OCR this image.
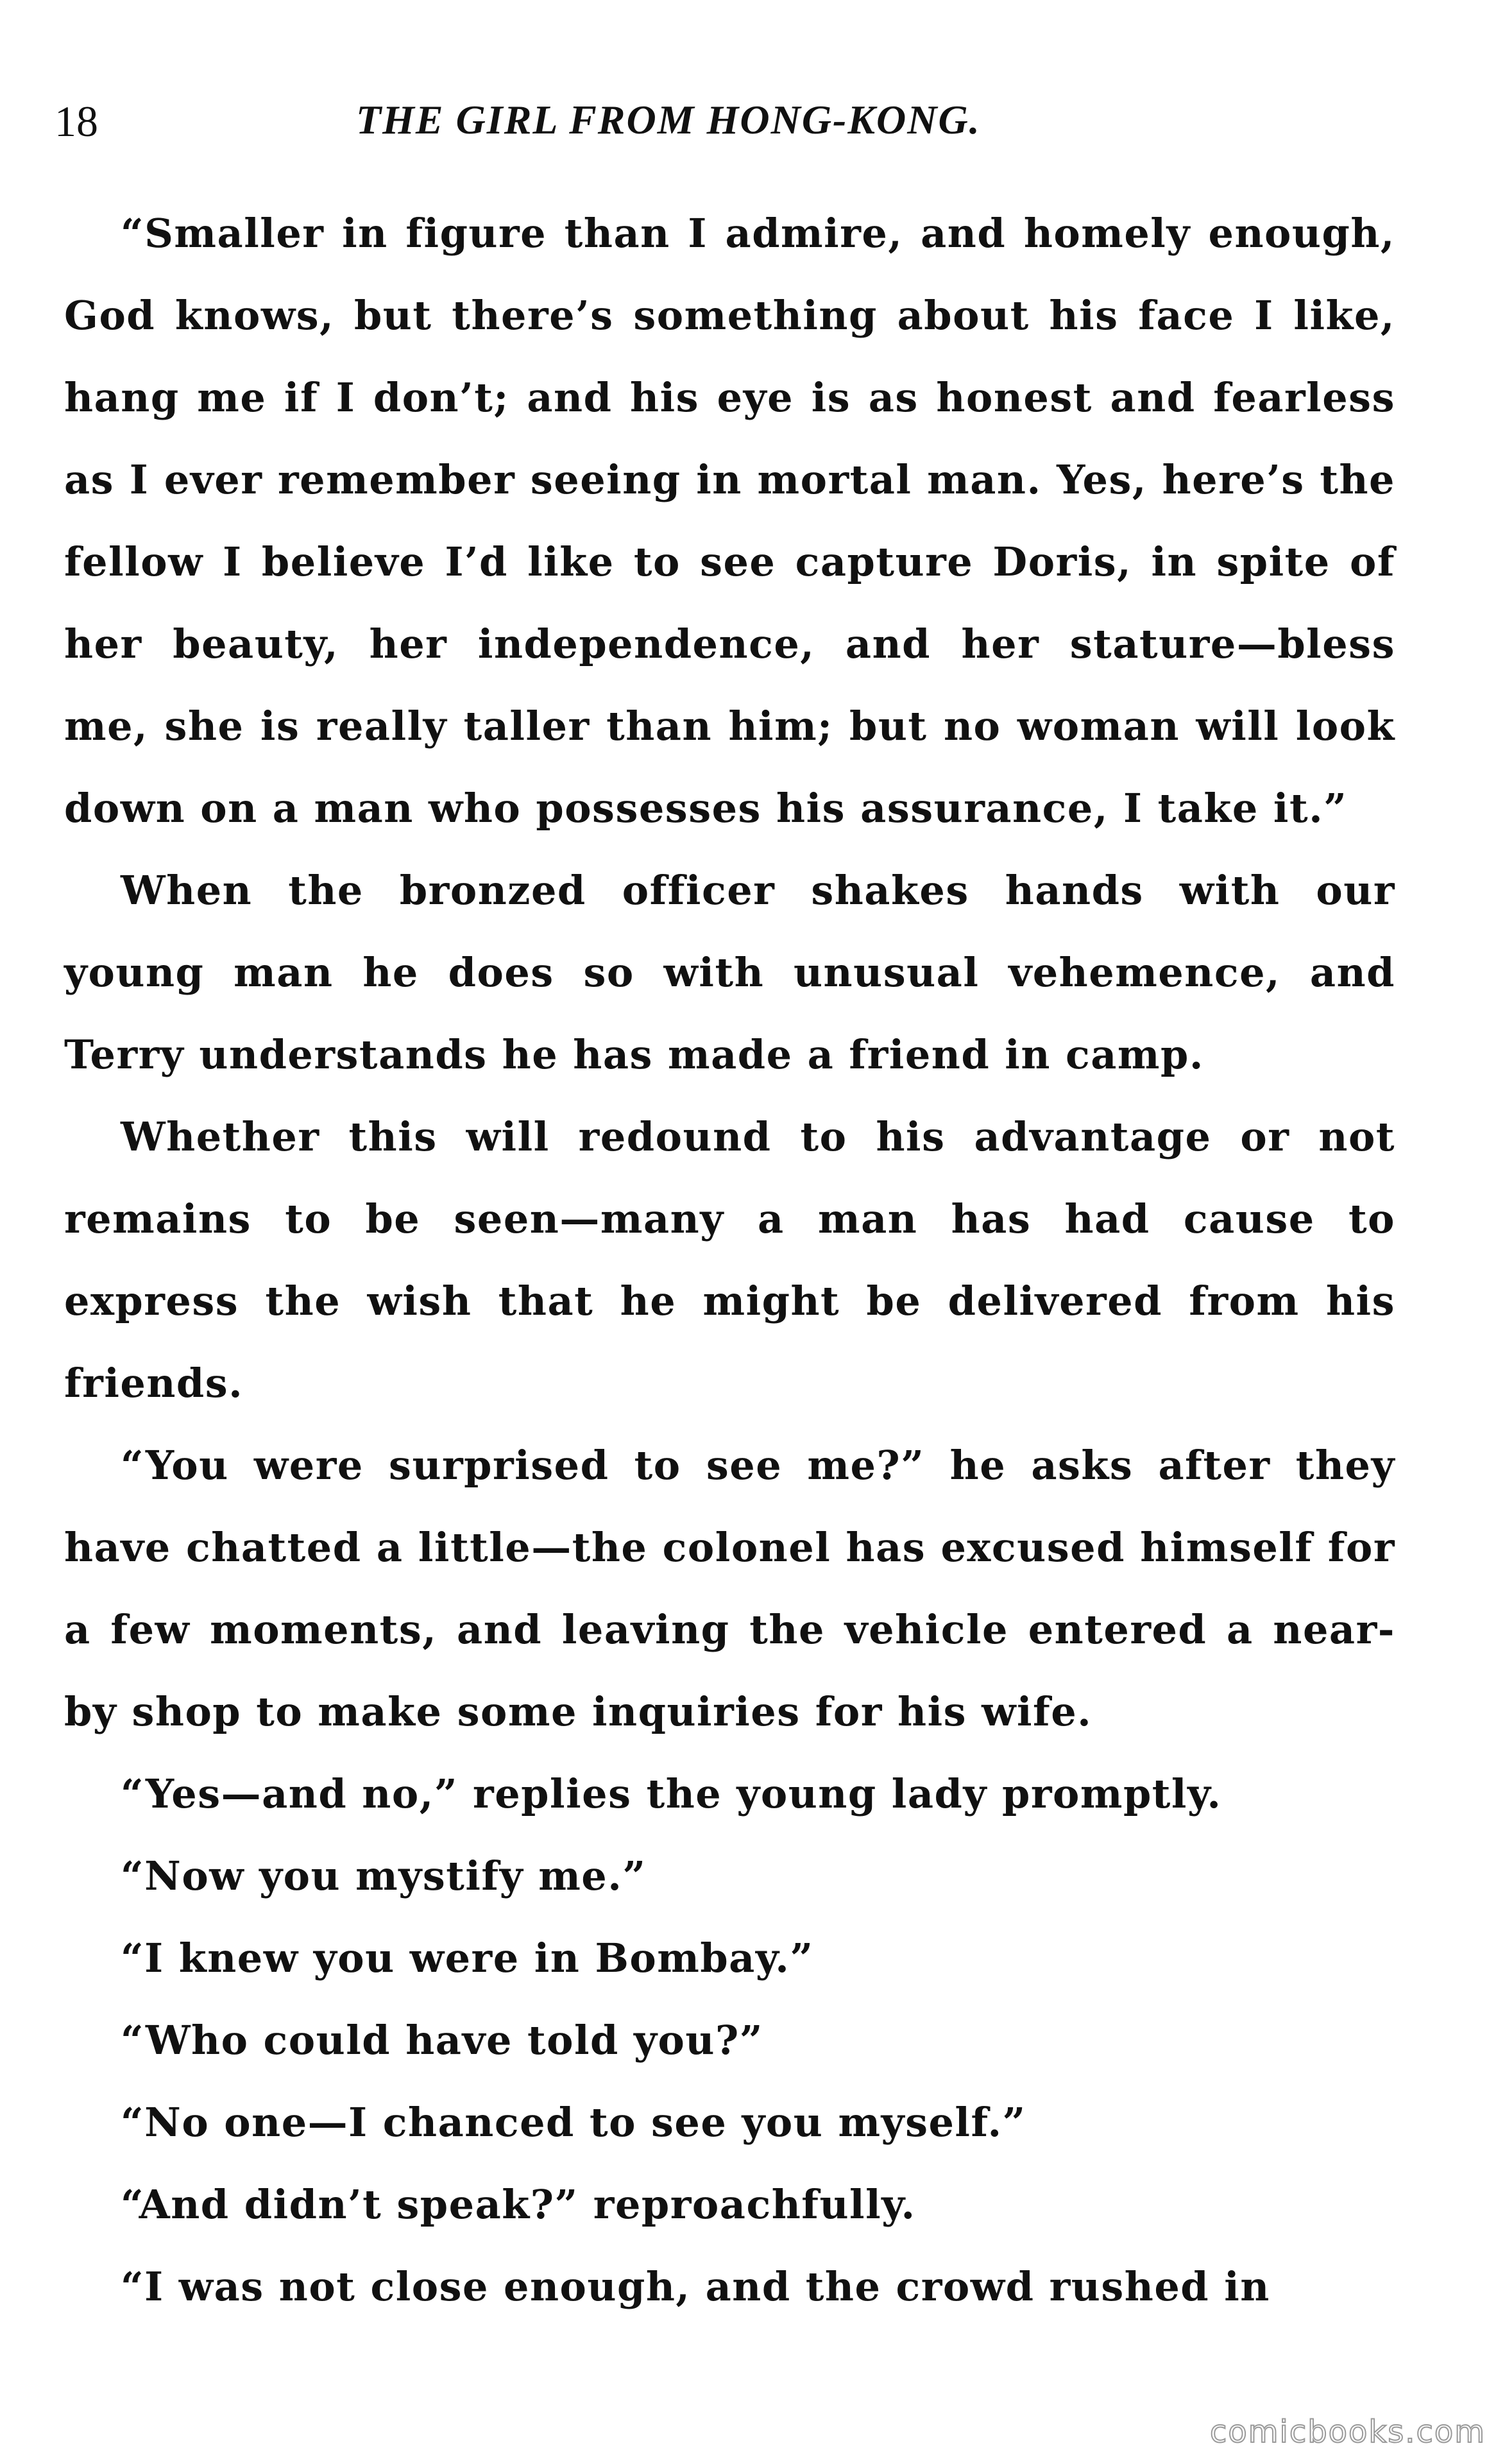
18	THE GIRL FROM HONG-KONG.

“Smaller in figure than I admire, and homely enough, God knows, but there’s something about his face I like, hang me if I don’t; and his eye is as honest and fearless as I ever remember seeing in mortal man. Yes, here’s the fellow I believe I’d like to see capture Doris, in spite of her beauty, her independence, and her stature—bless me, she is really taller than him; but no woman will look down on a man who possesses his assurance, I take it.”

When the bronzed officer shakes hands with our young man he does so with unusual vehemence, and Terry understands he has made a friend in camp.

Whether this will redound to his advantage or not remains to be seen—many a man has had cause to express the wish that he might be delivered from his friends.

“You were surprised to see me?” he asks after they have chatted a little—the colonel has excused himself for a few moments, and leaving the vehicle entered a near-by shop to make some inquiries for his wife.

“Yes—and no,” replies the young lady promptly.

“Now you mystify me.”

“I knew you were in Bombay.”

“Who could have told you?”

“No one—I chanced to see you myself.”

“And didn’t speak?” reproachfully.

“I was not close enough, and the crowd rushed in

comicbooks.com
